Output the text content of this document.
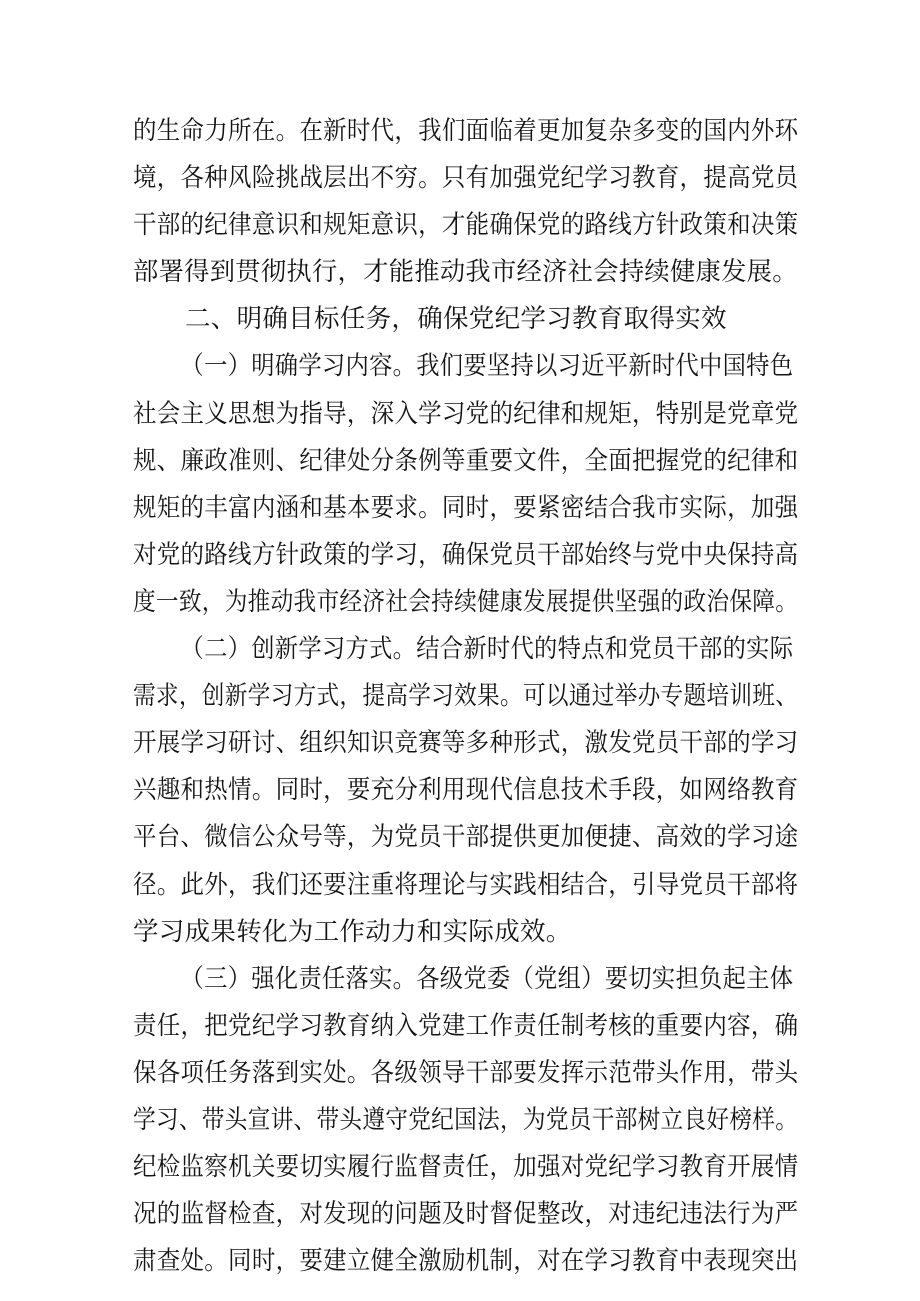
的生命力所在。在新时代，我们面临着更加复杂多变的国内外环
境，各种风险挑战层出不穷。只有加强党纪学习教育，提高党员
干部的纪律意识和规矩意识，才能确保党的路线方针政策和决策
部署得到贯彻执行，才能推动我市经济社会持续健康发展。
二、明确目标任务，确保党纪学习教育取得实效
（一）明确学习内容。我们要坚持以习近平新时代中国特色
社会主义思想为指导，深入学习党的纪律和规矩，特别是党章党
规、廉政准则、纪律处分条例等重要文件，全面把握党的纪律和
规矩的丰富内涵和基本要求。同时，要紧密结合我市实际，加强
对党的路线方针政策的学习，确保党员干部始终与党中央保持高
度一致，为推动我市经济社会持续健康发展提供坚强的政治保障。
（二）创新学习方式。结合新时代的特点和党员干部的实际
需求，创新学习方式，提高学习效果。可以通过举办专题培训班、
开展学习研讨、组织知识竞赛等多种形式，激发党员干部的学习
兴趣和热情。同时，要充分利用现代信息技术手段，如网络教育
平台、微信公众号等，为党员干部提供更加便捷、高效的学习途
径。此外，我们还要注重将理论与实践相结合，引导党员干部将
学习成果转化为工作动力和实际成效。
（三）强化责任落实。各级党委（党组）要切实担负起主体
责任，把党纪学习教育纳入党建工作责任制考核的重要内容，确
保各项任务落到实处。各级领导干部要发挥示范带头作用，带头
学习、带头宣讲、带头遵守党纪国法，为党员干部树立良好榜样。
纪检监察机关要切实履行监督责任，加强对党纪学习教育开展情
况的监督检查，对发现的问题及时督促整改，对违纪违法行为严
肃查处。同时，要建立健全激励机制，对在学习教育中表现突出
